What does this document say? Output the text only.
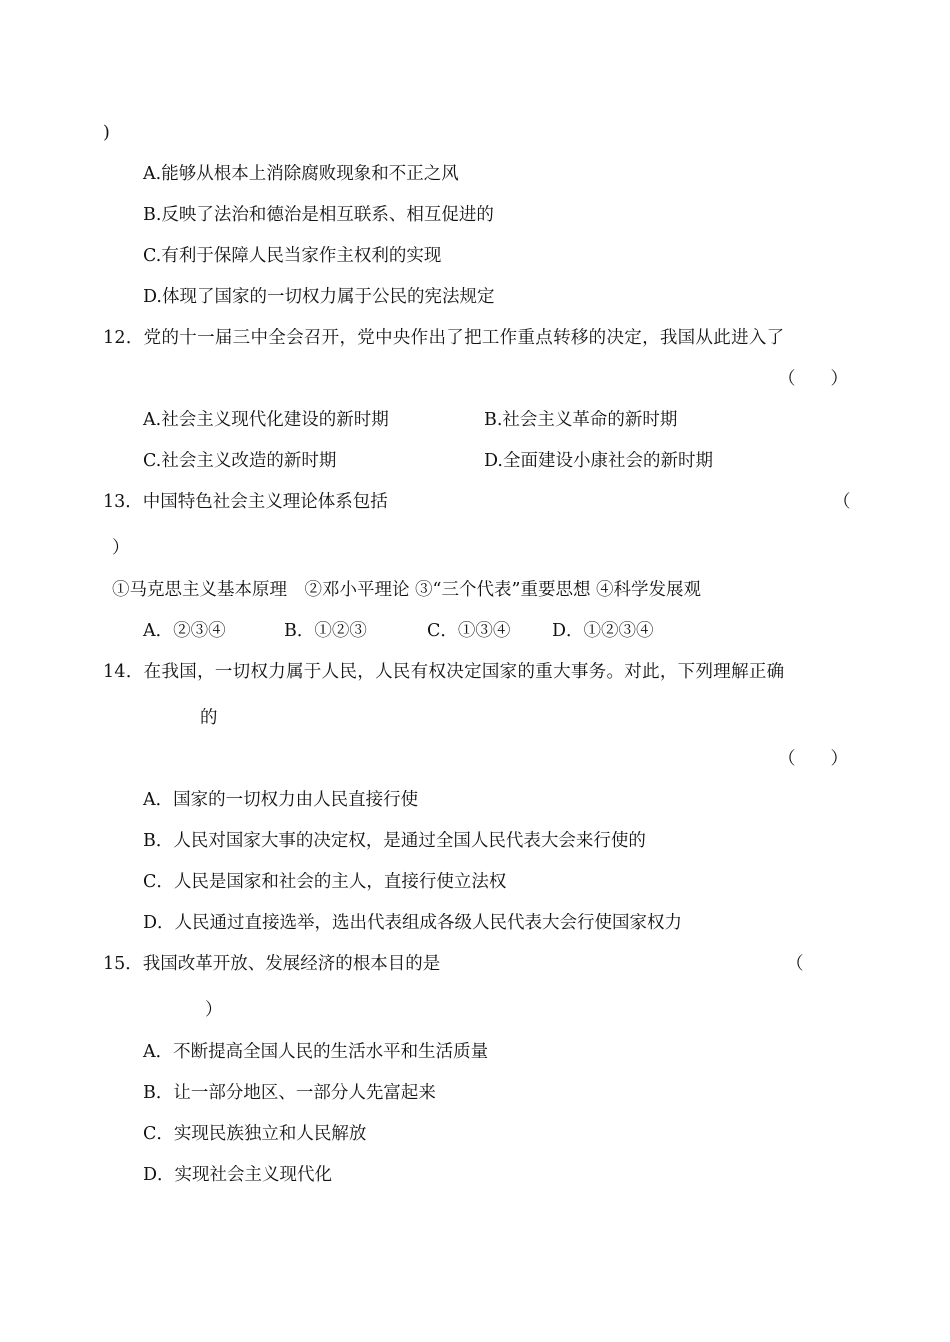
)
A.能够从根本上消除腐败现象和不正之风
B.反映了法治和德治是相互联系、相互促进的
C.有利于保障人民当家作主权利的实现
D.体现了国家的一切权力属于公民的宪法规定
12．党的十一届三中全会召开，党中央作出了把工作重点转移的决定，我国从此进入了
（　　）
A.社会主义现代化建设的新时期	B.社会主义革命的新时期
C.社会主义改造的新时期	D.全面建设小康社会的新时期
13．中国特色社会主义理论体系包括	（
）
①马克思主义基本原理　②邓小平理论 ③“三个代表”重要思想 ④科学发展观
A．②③④	B．①②③	C．①③④ D．①②③④
14．在我国，一切权力属于人民，人民有权决定国家的重大事务。对此，下列理解正确
的
（　　）
A．国家的一切权力由人民直接行使
B．人民对国家大事的决定权，是通过全国人民代表大会来行使的
C．人民是国家和社会的主人，直接行使立法权
D．人民通过直接选举，选出代表组成各级人民代表大会行使国家权力
15．我国改革开放、发展经济的根本目的是	（
）
A．不断提高全国人民的生活水平和生活质量
B．让一部分地区、一部分人先富起来
C．实现民族独立和人民解放
D．实现社会主义现代化
